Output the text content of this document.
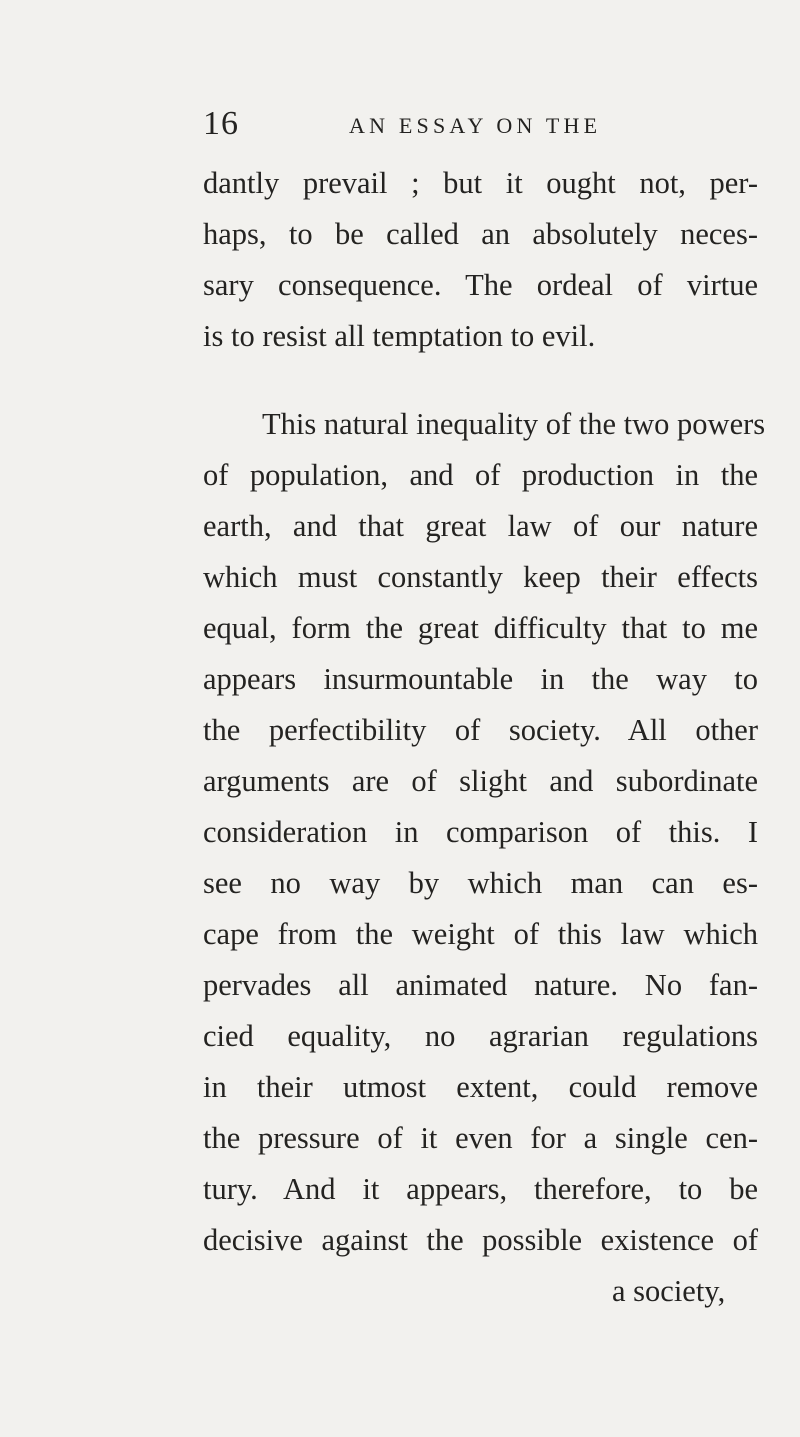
16	AN ESSAY ON THE
dantly prevail ; but it ought not, per-
haps, to be called an absolutely neces-
sary consequence. The ordeal of virtue
is to resist all temptation to evil.
This natural inequality of the two powers
of population, and of production in the
earth, and that great law of our nature
which must constantly keep their effects
equal, form the great difficulty that to me
appears insurmountable in the way to
the perfectibility of society. All other
arguments are of slight and subordinate
consideration in comparison of this. I
see no way by which man can es-
cape from the weight of this law which
pervades all animated nature. No fan-
cied equality, no agrarian regulations
in their utmost extent, could remove
the pressure of it even for a single cen-
tury. And it appears, therefore, to be
decisive against the possible existence of
a society,
